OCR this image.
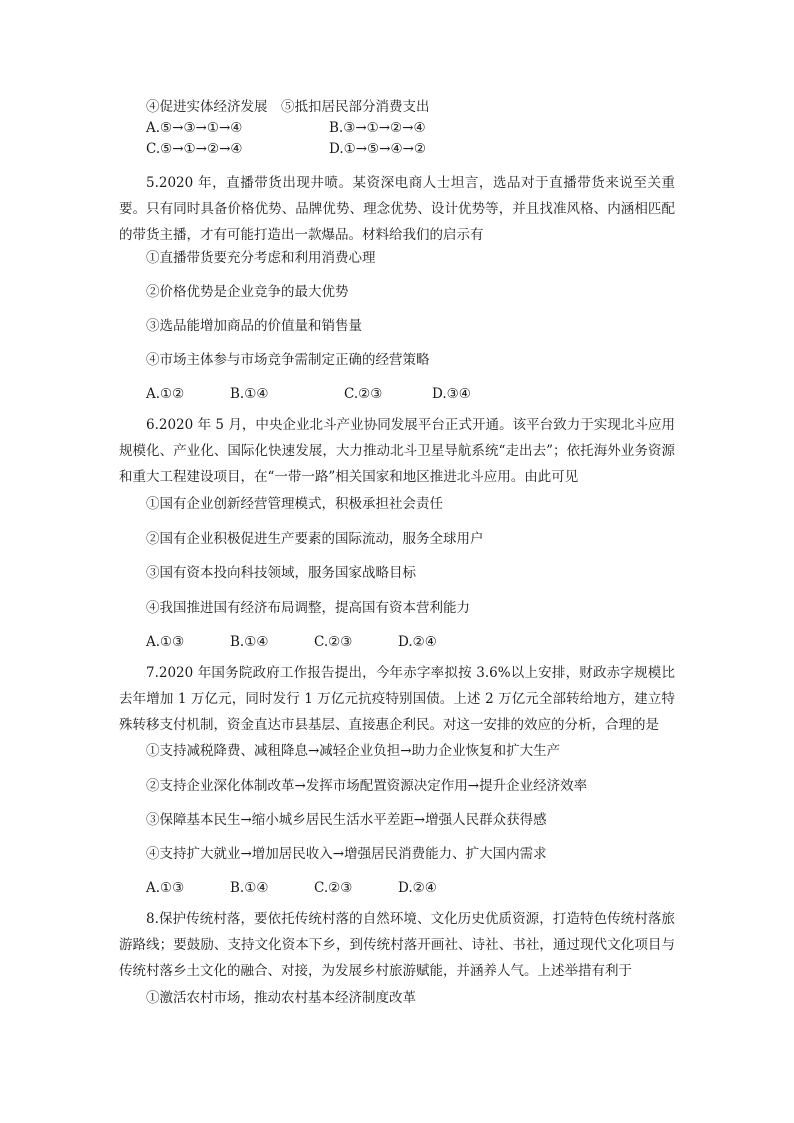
④促进实体经济发展　⑤抵扣居民部分消费支出
A.⑤→③→①→④	B.③→①→②→④
C.⑤→①→②→④	D.①→⑤→④→②
5.2020 年，直播带货出现井喷。某资深电商人士坦言，选品对于直播带货来说至关重要。只有同时具备价格优势、品牌优势、理念优势、设计优势等，并且找准风格、内涵相匹配的带货主播，才有可能打造出一款爆品。材料给我们的启示有
①直播带货要充分考虑和利用消费心理
②价格优势是企业竞争的最大优势
③选品能增加商品的价值量和销售量
④市场主体参与市场竞争需制定正确的经营策略
A.①②	B.①④	C.②③	D.③④
6.2020 年 5 月，中央企业北斗产业协同发展平台正式开通。该平台致力于实现北斗应用规模化、产业化、国际化快速发展，大力推动北斗卫星导航系统“走出去”；依托海外业务资源和重大工程建设项目，在“一带一路”相关国家和地区推进北斗应用。由此可见
①国有企业创新经营管理模式，积极承担社会责任
②国有企业积极促进生产要素的国际流动，服务全球用户
③国有资本投向科技领域，服务国家战略目标
④我国推进国有经济布局调整，提高国有资本营利能力
A.①③	B.①④	C.②③	D.②④
7.2020 年国务院政府工作报告提出，今年赤字率拟按 3.6%以上安排，财政赤字规模比去年增加 1 万亿元，同时发行 1 万亿元抗疫特别国债。上述 2 万亿元全部转给地方，建立特殊转移支付机制，资金直达市县基层、直接惠企利民。对这一安排的效应的分析，合理的是
①支持减税降费、减租降息→减轻企业负担→助力企业恢复和扩大生产
②支持企业深化体制改革→发挥市场配置资源决定作用→提升企业经济效率
③保障基本民生→缩小城乡居民生活水平差距→增强人民群众获得感
④支持扩大就业→增加居民收入→增强居民消费能力、扩大国内需求
A.①③	B.①④	C.②③	D.②④
8.保护传统村落，要依托传统村落的自然环境、文化历史优质资源，打造特色传统村落旅游路线；要鼓励、支持文化资本下乡，到传统村落开画社、诗社、书社，通过现代文化项目与传统村落乡土文化的融合、对接，为发展乡村旅游赋能，并涵养人气。上述举措有利于
①激活农村市场，推动农村基本经济制度改革
